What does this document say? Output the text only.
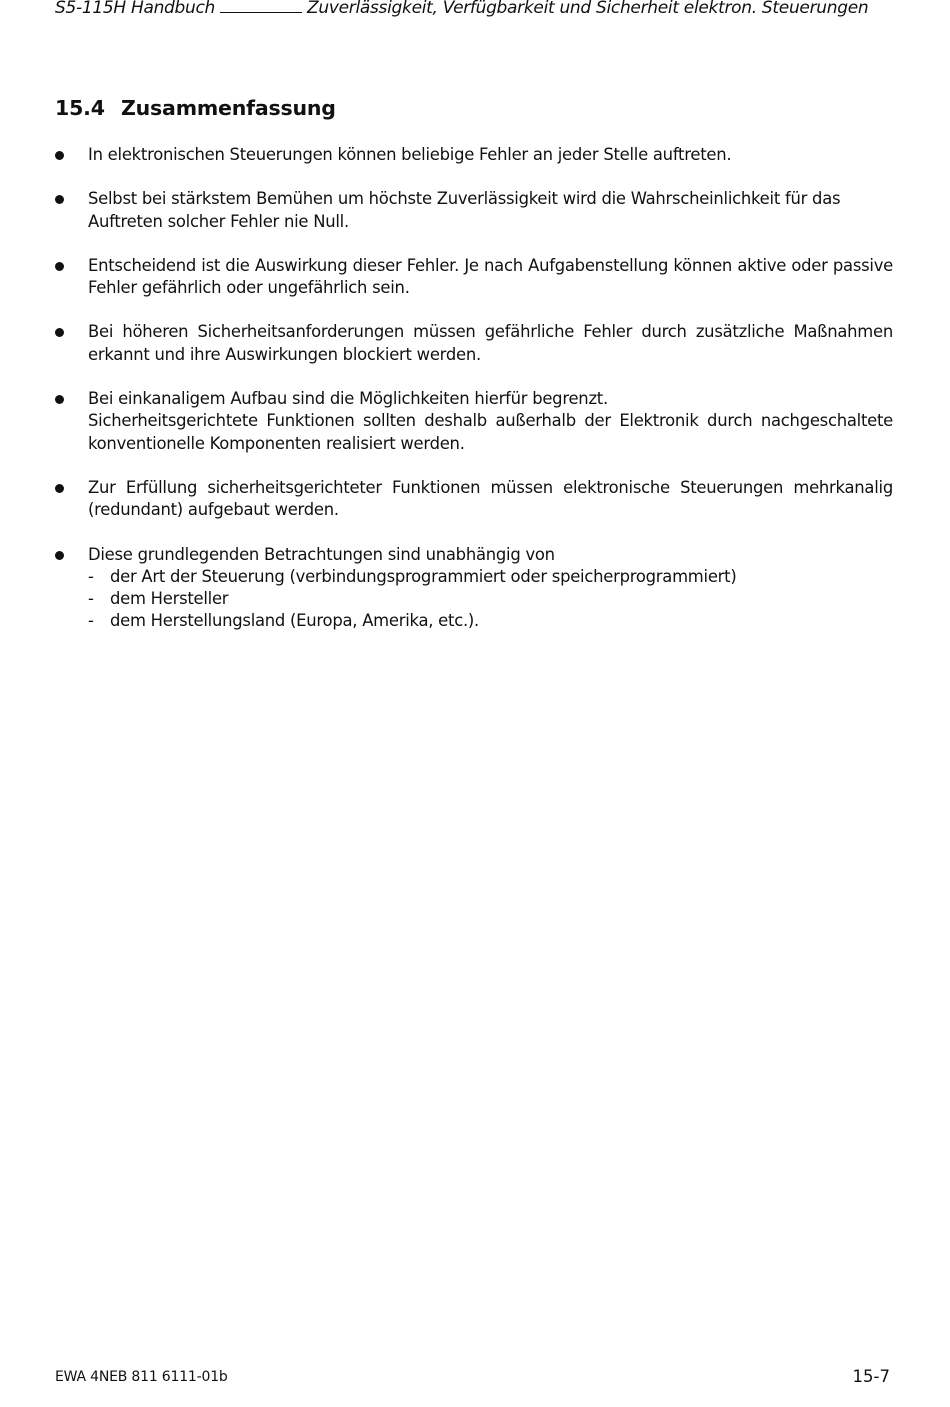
S5-115H Handbuch	Zuverlässigkeit, Verfügbarkeit und Sicherheit elektron. Steuerungen
15.4 Zusammenfassung

In elektronischen Steuerungen können beliebige Fehler an jeder Stelle auftreten.

Selbst bei stärkstem Bemühen um höchste Zuverlässigkeit wird die Wahrscheinlichkeit für das Auftreten solcher Fehler nie Null.

Entscheidend ist die Auswirkung dieser Fehler. Je nach Aufgabenstellung können aktive oder passive Fehler gefährlich oder ungefährlich sein.

Bei höheren Sicherheitsanforderungen müssen gefährliche Fehler durch zusätzliche Maßnahmen erkannt und ihre Auswirkungen blockiert werden.

Bei einkanaligem Aufbau sind die Möglichkeiten hierfür begrenzt.

Sicherheitsgerichtete Funktionen sollten deshalb außerhalb der Elektronik durch nachgeschaltete konventionelle Komponenten realisiert werden.

Zur Erfüllung sicherheitsgerichteter Funktionen müssen elektronische Steuerungen mehrkanalig (redundant) aufgebaut werden.

Diese grundlegenden Betrachtungen sind unabhängig von

- der Art der Steuerung (verbindungsprogrammiert oder speicherprogrammiert)
- dem Hersteller
- dem Herstellungsland (Europa, Amerika, etc.).
EWA 4NEB 811 6111-01b	15-7
